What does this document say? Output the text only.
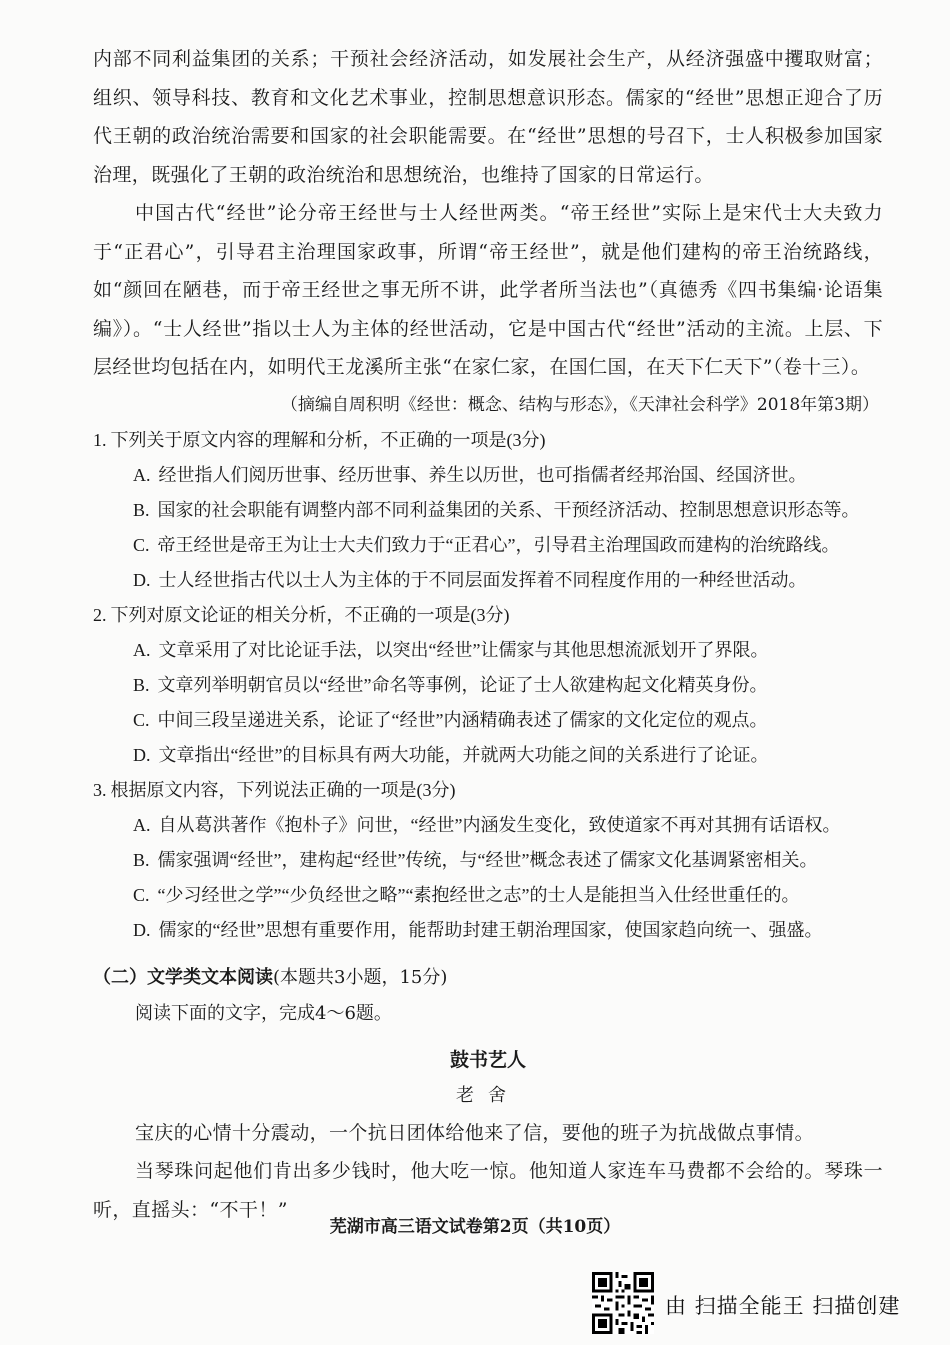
内部不同利益集团的关系；干预社会经济活动，如发展社会生产，从经济强盛中攫取财富；组织、领导科技、教育和文化艺术事业，控制思想意识形态。儒家的“经世”思想正迎合了历代王朝的政治统治需要和国家的社会职能需要。在“经世”思想的号召下，士人积极参加国家治理，既强化了王朝的政治统治和思想统治，也维持了国家的日常运行。

中国古代“经世”论分帝王经世与士人经世两类。“帝王经世”实际上是宋代士大夫致力于“正君心”，引导君主治理国家政事，所谓“帝王经世”，就是他们建构的帝王治统路线，如“颜回在陋巷，而于帝王经世之事无所不讲，此学者所当法也”（真德秀《四书集编·论语集编》）。“士人经世”指以士人为主体的经世活动，它是中国古代“经世”活动的主流。上层、下层经世均包括在内，如明代王龙溪所主张“在家仁家，在国仁国，在天下仁天下”（卷十三）。

（摘编自周积明《经世：概念、结构与形态》，《天津社会科学》2018年第3期）

1. 下列关于原文内容的理解和分析，不正确的一项是(3分)

A. 经世指人们阅历世事、经历世事、养生以历世，也可指儒者经邦治国、经国济世。

B. 国家的社会职能有调整内部不同利益集团的关系、干预经济活动、控制思想意识形态等。

C. 帝王经世是帝王为让士大夫们致力于“正君心”，引导君主治理国政而建构的治统路线。

D. 士人经世指古代以士人为主体的于不同层面发挥着不同程度作用的一种经世活动。

2. 下列对原文论证的相关分析，不正确的一项是(3分)

A. 文章采用了对比论证手法，以突出“经世”让儒家与其他思想流派划开了界限。

B. 文章列举明朝官员以“经世”命名等事例，论证了士人欲建构起文化精英身份。

C. 中间三段呈递进关系，论证了“经世”内涵精确表述了儒家的文化定位的观点。

D. 文章指出“经世”的目标具有两大功能，并就两大功能之间的关系进行了论证。

3. 根据原文内容，下列说法正确的一项是(3分)

A. 自从葛洪著作《抱朴子》问世，“经世”内涵发生变化，致使道家不再对其拥有话语权。

B. 儒家强调“经世”，建构起“经世”传统，与“经世”概念表述了儒家文化基调紧密相关。

C. “少习经世之学”“少负经世之略”“素抱经世之志”的士人是能担当入仕经世重任的。

D. 儒家的“经世”思想有重要作用，能帮助封建王朝治理国家，使国家趋向统一、强盛。

（二）文学类文本阅读(本题共3小题，15分)

阅读下面的文字，完成4～6题。

鼓书艺人

老舍

宝庆的心情十分震动，一个抗日团体给他来了信，要他的班子为抗战做点事情。

当琴珠问起他们肯出多少钱时，他大吃一惊。他知道人家连车马费都不会给的。琴珠一听，直摇头：“不干！”

芜湖市高三语文试卷第2页（共10页）
由 扫描全能王 扫描创建
